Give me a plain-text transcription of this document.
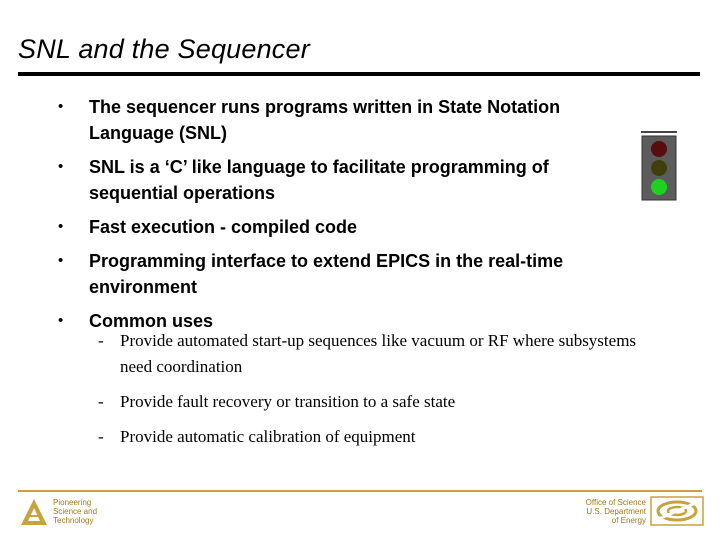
SNL and the Sequencer
• The sequencer runs programs written in State Notation Language (SNL)
• SNL is a ‘C’ like language to facilitate programming of sequential operations
• Fast execution - compiled code
• Programming interface to extend EPICS in the real-time environment
• Common uses
- Provide automated start-up sequences like vacuum or RF where subsystems need coordination
- Provide fault recovery or transition to a safe state
- Provide automatic calibration of equipment
Pioneering
Science and
Technology
Office of Science
U.S. Department
of Energy
